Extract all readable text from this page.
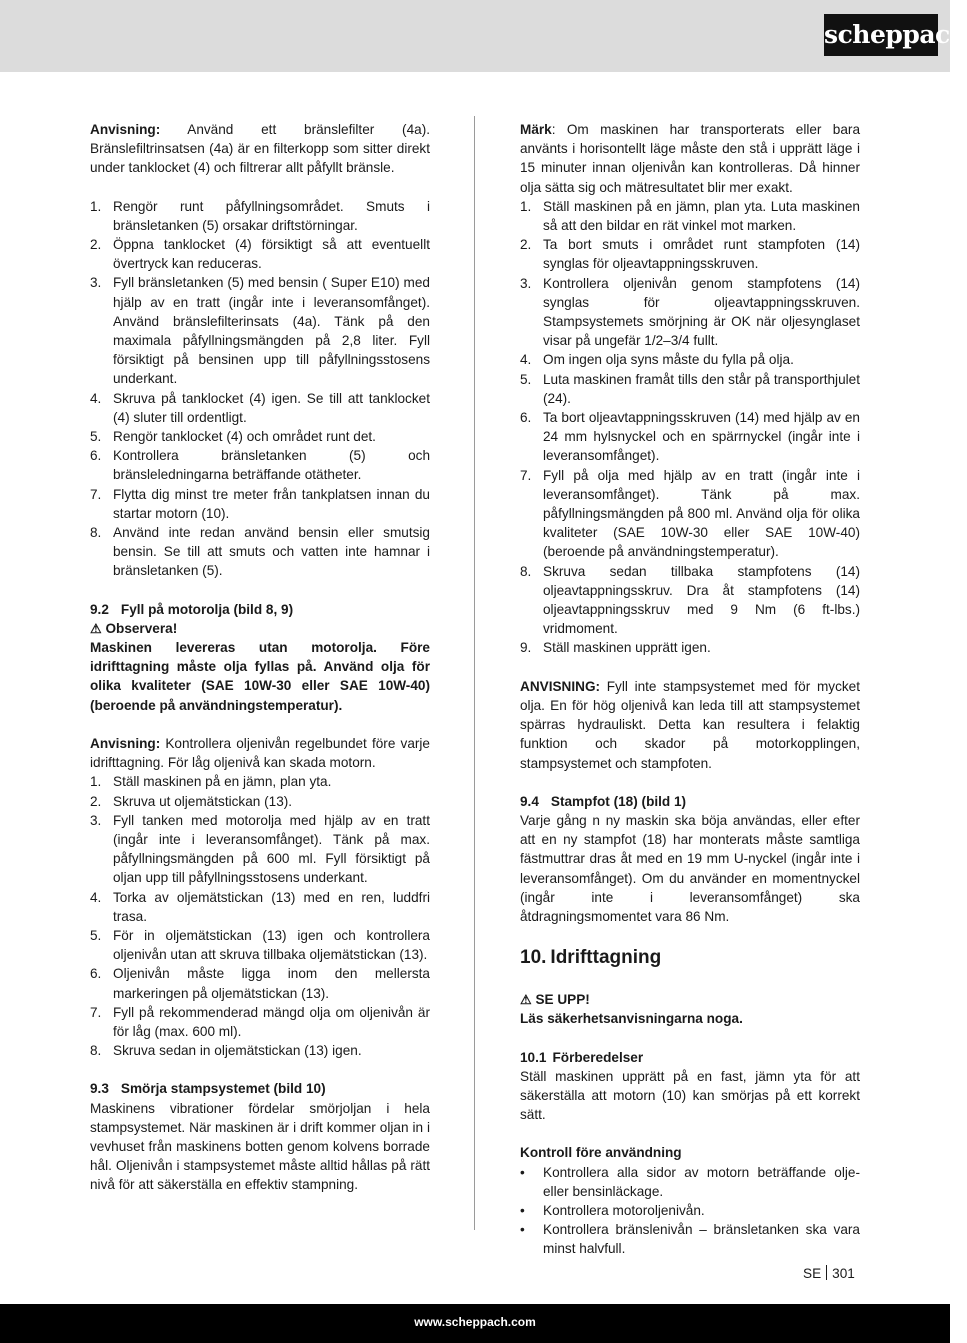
scheppach

Anvisning: Använd ett bränslefilter (4a). Bränslefiltrinsatsen (4a) är en filterkopp som sitter direkt under tanklocket (4) och filtrerar allt påfyllt bränsle.

1. Rengör runt påfyllningsområdet. Smuts i bränsletanken (5) orsakar driftstörningar.
2. Öppna tanklocket (4) försiktigt så att eventuellt övertryck kan reduceras.
3. Fyll bränsletanken (5) med bensin ( Super E10) med hjälp av en tratt (ingår inte i leveransomfånget). Använd bränslefilterinsats (4a). Tänk på den maximala påfyllningsmängden på 2,8 liter. Fyll försiktigt på bensinen upp till påfyllningsstosens underkant.
4. Skruva på tanklocket (4) igen. Se till att tanklocket (4) sluter till ordentligt.
5. Rengör tanklocket (4) och området runt det.
6. Kontrollera bränsletanken (5) och bränsleledningarna beträffande otätheter.
7. Flytta dig minst tre meter från tankplatsen innan du startar motorn (10).
8. Använd inte redan använd bensin eller smutsig bensin. Se till att smuts och vatten inte hamnar i bränsletanken (5).
9.2 Fyll på motorolja (bild 8, 9)
⚠ Observera!

Maskinen levereras utan motorolja. Före idrifttagning måste olja fyllas på. Använd olja för olika kvaliteter (SAE 10W-30 eller SAE 10W-40) (beroende på användningstemperatur).

Anvisning: Kontrollera oljenivån regelbundet före varje idrifttagning. För låg oljenivå kan skada motorn.

1. Ställ maskinen på en jämn, plan yta.
2. Skruva ut oljemätstickan (13).
3. Fyll tanken med motorolja med hjälp av en tratt (ingår inte i leveransomfånget). Tänk på max. påfyllningsmängden på 600 ml. Fyll försiktigt på oljan upp till påfyllningsstosens underkant.
4. Torka av oljemätstickan (13) med en ren, luddfri trasa.
5. För in oljemätstickan (13) igen och kontrollera oljenivån utan att skruva tillbaka oljemätstickan (13).
6. Oljenivån måste ligga inom den mellersta markeringen på oljemätstickan (13).
7. Fyll på rekommenderad mängd olja om oljenivån är för låg (max. 600 ml).
8. Skruva sedan in oljemätstickan (13) igen.
9.3 Smörja stampsystemet (bild 10)

Maskinens vibrationer fördelar smörjoljan i hela stampsystemet. När maskinen är i drift kommer oljan in i vevhuset från maskinens botten genom kolvens borrade hål. Oljenivån i stampsystemet måste alltid hållas på rätt nivå för att säkerställa en effektiv stampning.

Märk: Om maskinen har transporterats eller bara använts i horisontellt läge måste den stå i upprätt läge i 15 minuter innan oljenivån kan kontrolleras. Då hinner olja sätta sig och mätresultatet blir mer exakt.

1. Ställ maskinen på en jämn, plan yta. Luta maskinen så att den bildar en rät vinkel mot marken.
2. Ta bort smuts i området runt stampfoten (14) synglas för oljeavtappningsskruven.
3. Kontrollera oljenivån genom stampfotens (14) synglas för oljeavtappningsskruven. Stampsystemets smörjning är OK när oljesynglaset visar på ungefär 1/2–3/4 fullt.
4. Om ingen olja syns måste du fylla på olja.
5. Luta maskinen framåt tills den står på transporthjulet (24).
6. Ta bort oljeavtappningsskruven (14) med hjälp av en 24 mm hylsnyckel och en spärrnyckel (ingår inte i leveransomfånget).
7. Fyll på olja med hjälp av en tratt (ingår inte i leveransomfånget). Tänk på max. påfyllningsmängden på 800 ml. Använd olja för olika kvaliteter (SAE 10W-30 eller SAE 10W-40) (beroende på användningstemperatur).
8. Skruva sedan tillbaka stampfotens (14) oljeavtappningsskruv. Dra åt stampfotens (14) oljeavtappningsskruv med 9 Nm (6 ft-lbs.) vridmoment.
9. Ställ maskinen upprätt igen.

ANVISNING: Fyll inte stampsystemet med för mycket olja. En för hög oljenivå kan leda till att stampsystemet spärras hydrauliskt. Detta kan resultera i felaktig funktion och skador på motorkopplingen, stampsystemet och stampfoten.

9.4 Stampfot (18) (bild 1)

Varje gång n ny maskin ska böja användas, eller efter att en ny stampfot (18) har monterats måste samtliga fästmuttrar dras åt med en 19 mm U-nyckel (ingår inte i leveransomfånget). Om du använder en momentnyckel (ingår inte i leveransomfånget) ska åtdragningsmomentet vara 86 Nm.

10. Idrifttagning
⚠ SE UPP!
Läs säkerhetsanvisningarna noga.
10.1 Förberedelser

Ställ maskinen upprätt på en fast, jämn yta för att säkerställa att motorn (10) kan smörjas på ett korrekt sätt.

Kontroll före användning
• Kontrollera alla sidor av motorn beträffande olje- eller bensinläckage.
• Kontrollera motoroljenivån.
• Kontrollera bränslenivån – bränsletanken ska vara minst halvfull.
SE 301
www.scheppach.com
